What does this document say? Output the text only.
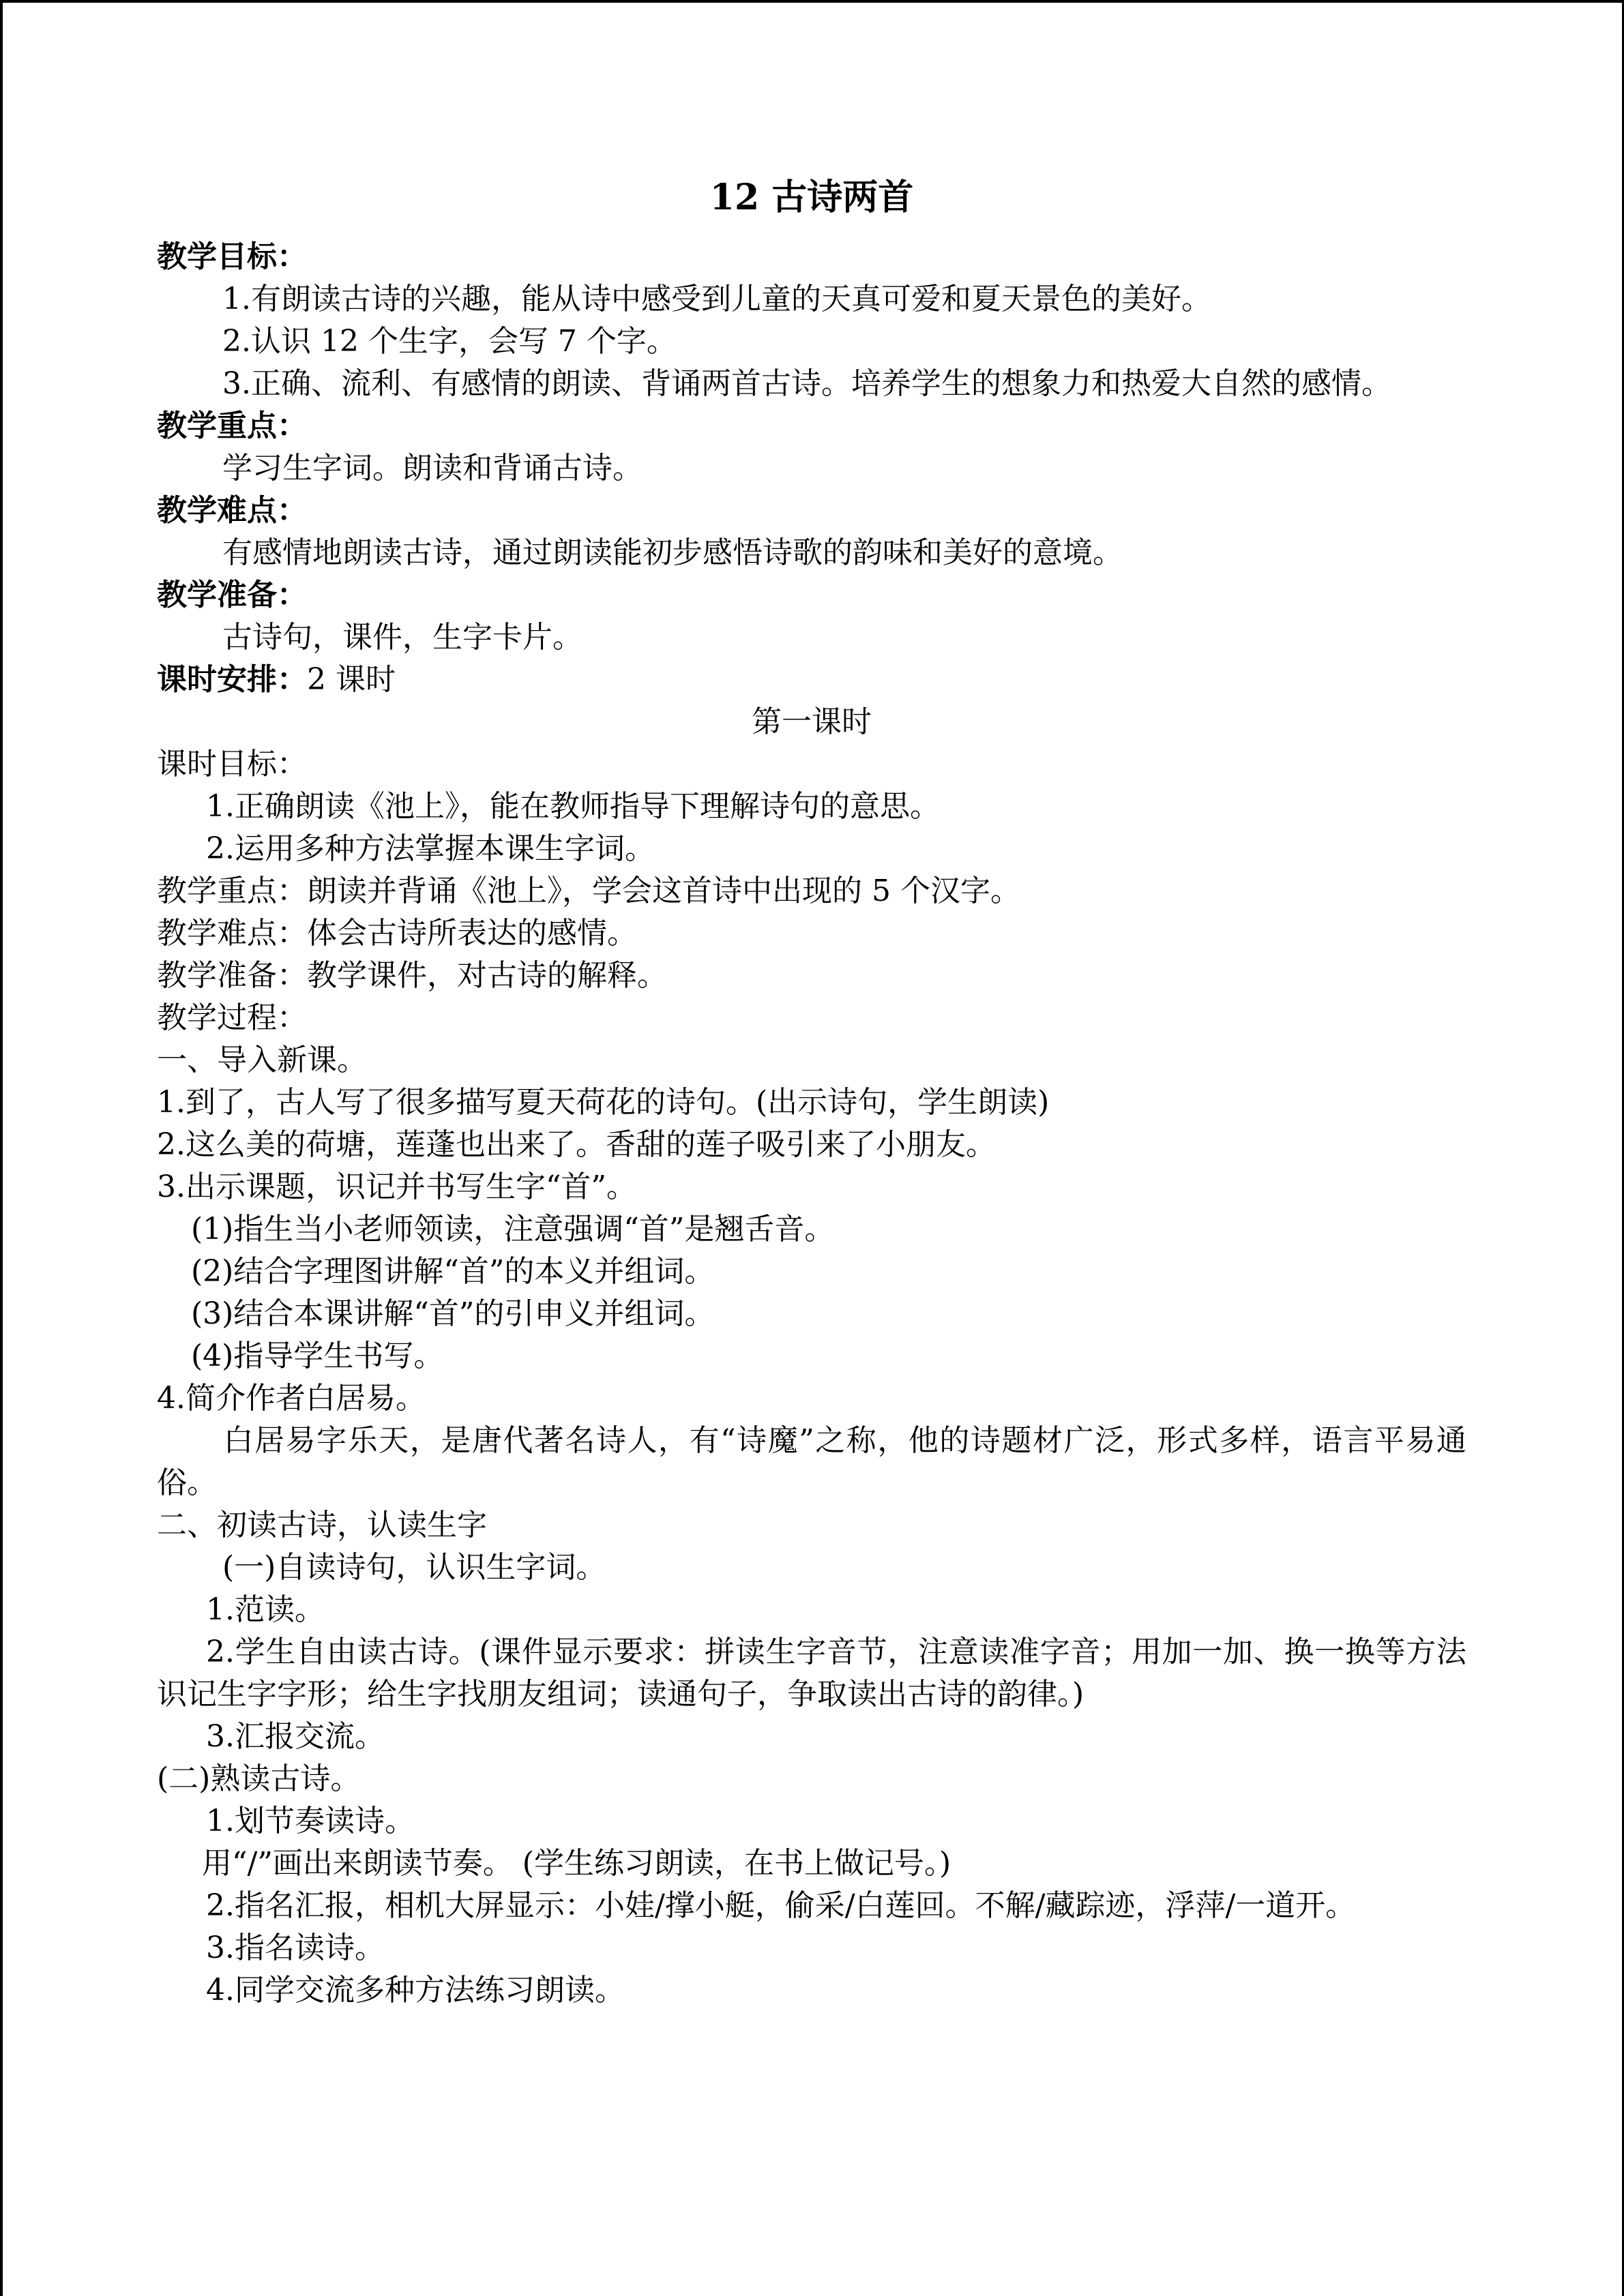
12 古诗两首
教学目标：
1.有朗读古诗的兴趣，能从诗中感受到儿童的天真可爱和夏天景色的美好。
2.认识 12 个生字，会写 7 个字。
3.正确、流利、有感情的朗读、背诵两首古诗。培养学生的想象力和热爱大自然的感情。
教学重点：
学习生字词。朗读和背诵古诗。
教学难点：
有感情地朗读古诗，通过朗读能初步感悟诗歌的韵味和美好的意境。
教学准备：
古诗句，课件，生字卡片。
课时安排：2 课时
第一课时
课时目标：
1.正确朗读《池上》，能在教师指导下理解诗句的意思。
2.运用多种方法掌握本课生字词。
教学重点：朗读并背诵《池上》，学会这首诗中出现的 5 个汉字。
教学难点：体会古诗所表达的感情。
教学准备：教学课件，对古诗的解释。
教学过程：
一、导入新课。
1.到了，古人写了很多描写夏天荷花的诗句。(出示诗句，学生朗读)
2.这么美的荷塘，莲蓬也出来了。香甜的莲子吸引来了小朋友。
3.出示课题，识记并书写生字“首”。
(1)指生当小老师领读，注意强调“首”是翘舌音。
(2)结合字理图讲解“首”的本义并组词。
(3)结合本课讲解“首”的引申义并组词。
(4)指导学生书写。
4.简介作者白居易。
白居易字乐天，是唐代著名诗人，有“诗魔”之称，他的诗题材广泛，形式多样，语言平易通俗。
二、初读古诗，认读生字
(一)自读诗句，认识生字词。
1.范读。
2.学生自由读古诗。(课件显示要求：拼读生字音节，注意读准字音；用加一加、换一换等方法识记生字字形；给生字找朋友组词；读通句子，争取读出古诗的韵律。)
3.汇报交流。
(二)熟读古诗。
1.划节奏读诗。
用“/”画出来朗读节奏。 (学生练习朗读，在书上做记号。)
2.指名汇报，相机大屏显示：小娃/撑小艇，偷采/白莲回。不解/藏踪迹，浮萍/一道开。
3.指名读诗。
4.同学交流多种方法练习朗读。
